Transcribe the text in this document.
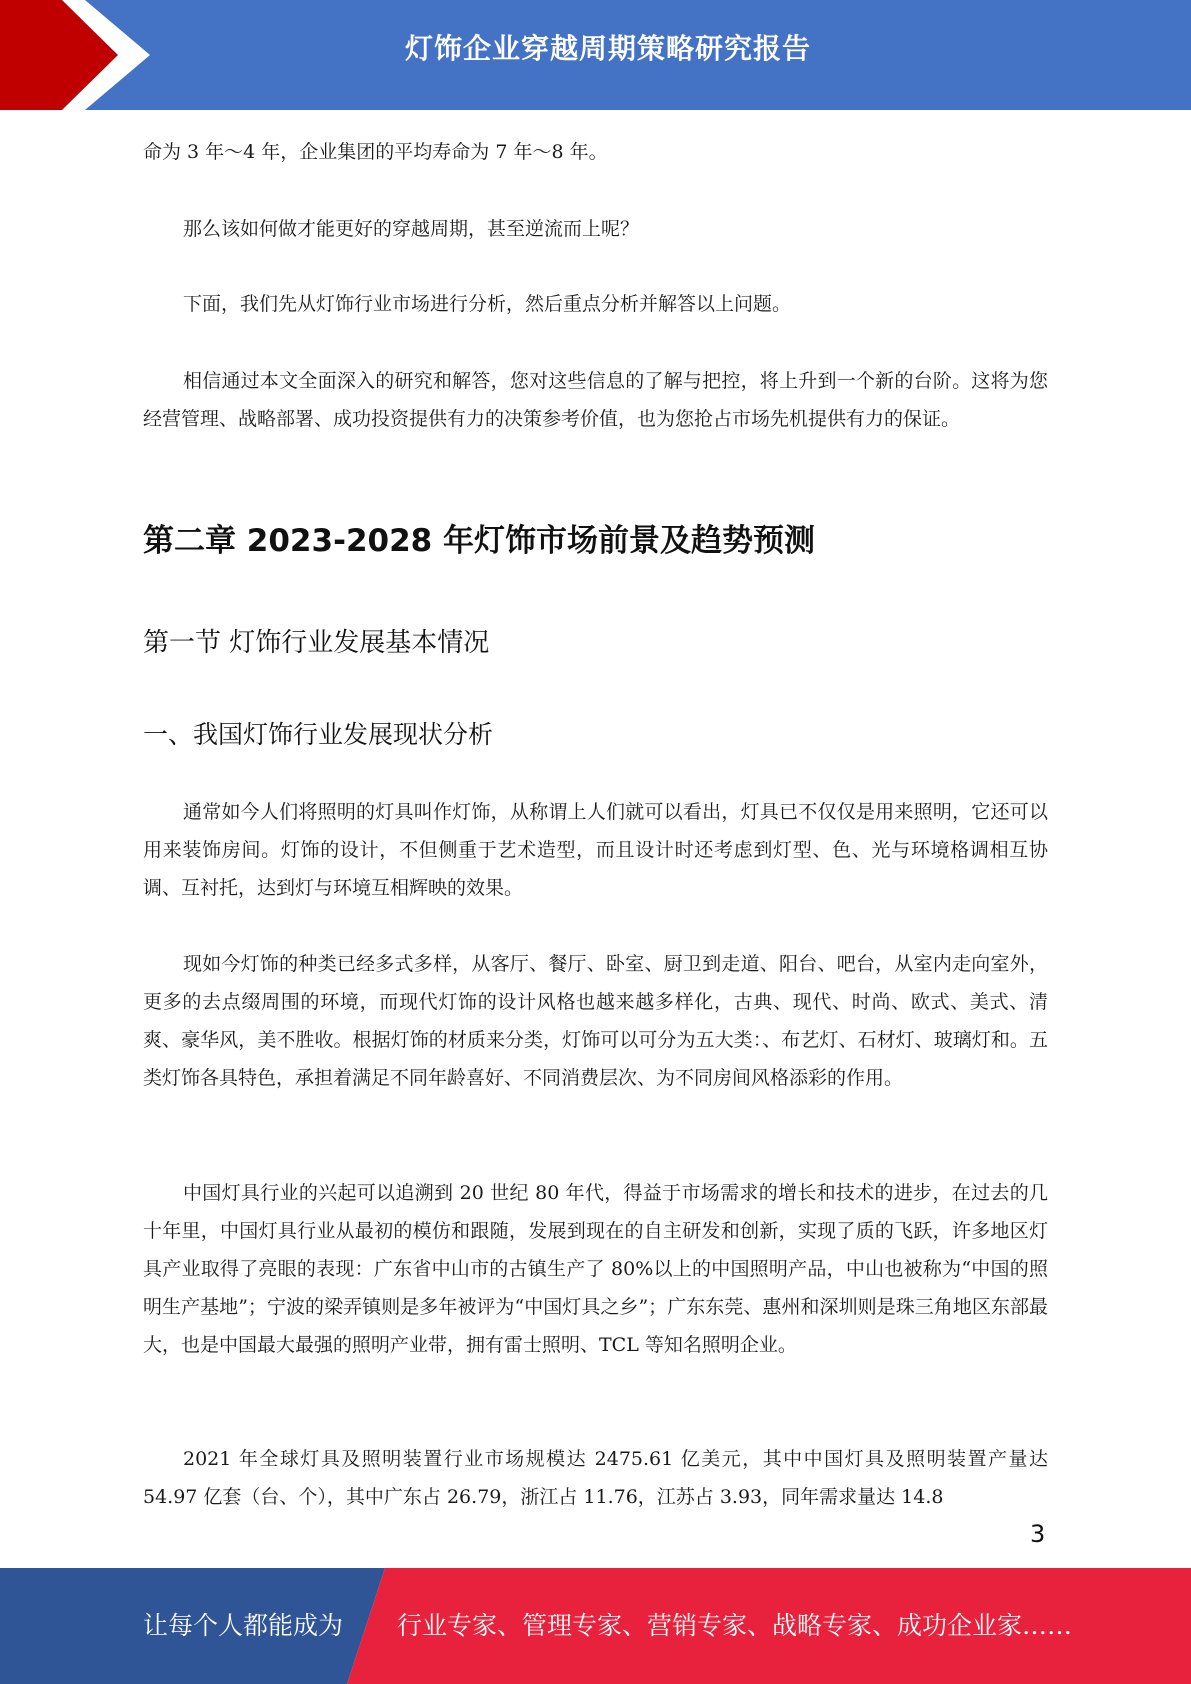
灯饰企业穿越周期策略研究报告

命为 3 年～4 年，企业集团的平均寿命为 7 年～8 年。

那么该如何做才能更好的穿越周期，甚至逆流而上呢？

下面，我们先从灯饰行业市场进行分析，然后重点分析并解答以上问题。

相信通过本文全面深入的研究和解答，您对这些信息的了解与把控，将上升到一个新的台阶。这将为您经营管理、战略部署、成功投资提供有力的决策参考价值，也为您抢占市场先机提供有力的保证。

第二章 2023-2028 年灯饰市场前景及趋势预测
第一节 灯饰行业发展基本情况
一、我国灯饰行业发展现状分析

通常如今人们将照明的灯具叫作灯饰，从称谓上人们就可以看出，灯具已不仅仅是用来照明，它还可以用来装饰房间。灯饰的设计，不但侧重于艺术造型，而且设计时还考虑到灯型、色、光与环境格调相互协调、互衬托，达到灯与环境互相辉映的效果。

现如今灯饰的种类已经多式多样，从客厅、餐厅、卧室、厨卫到走道、阳台、吧台，从室内走向室外，更多的去点缀周围的环境，而现代灯饰的设计风格也越来越多样化，古典、现代、时尚、欧式、美式、清爽、豪华风，美不胜收。根据灯饰的材质来分类，灯饰可以可分为五大类：、布艺灯、石材灯、玻璃灯和。五类灯饰各具特色，承担着满足不同年龄喜好、不同消费层次、为不同房间风格添彩的作用。

中国灯具行业的兴起可以追溯到 20 世纪 80 年代，得益于市场需求的增长和技术的进步，在过去的几十年里，中国灯具行业从最初的模仿和跟随，发展到现在的自主研发和创新，实现了质的飞跃，许多地区灯具产业取得了亮眼的表现：广东省中山市的古镇生产了 80%以上的中国照明产品，中山也被称为“中国的照明生产基地”；宁波的梁弄镇则是多年被评为“中国灯具之乡”；广东东莞、惠州和深圳则是珠三角地区东部最大，也是中国最大最强的照明产业带，拥有雷士照明、TCL 等知名照明企业。

2021 年全球灯具及照明装置行业市场规模达 2475.61 亿美元，其中中国灯具及照明装置产量达 54.97 亿套（台、个），其中广东占 26.79，浙江占 11.76，江苏占 3.93，同年需求量达 14.8

3
让每个人都能成为 行业专家、管理专家、营销专家、战略专家、成功企业家……
